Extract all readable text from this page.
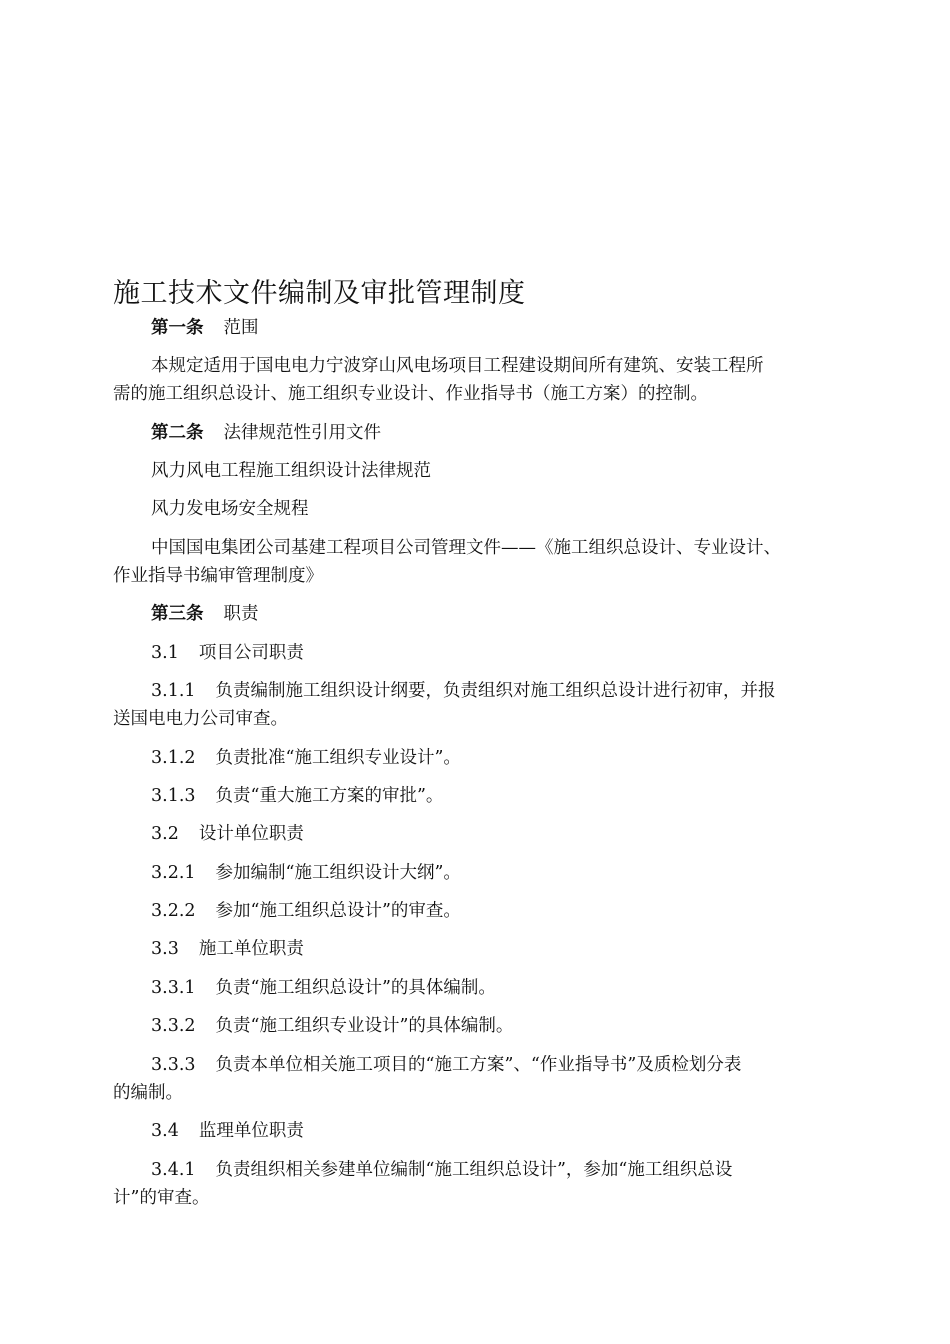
施工技术文件编制及审批管理制度
第一条 范围
本规定适用于国电电力宁波穿山风电场项目工程建设期间所有建筑、安装工程所
需的施工组织总设计、施工组织专业设计、作业指导书（施工方案）的控制。
第二条 法律规范性引用文件
风力风电工程施工组织设计法律规范
风力发电场安全规程
中国国电集团公司基建工程项目公司管理文件——《施工组织总设计、专业设计、
作业指导书编审管理制度》
第三条 职责
3.1 项目公司职责
3.1.1 负责编制施工组织设计纲要，负责组织对施工组织总设计进行初审，并报
送国电电力公司审查。
3.1.2 负责批准“施工组织专业设计”。
3.1.3 负责“重大施工方案的审批”。
3.2 设计单位职责
3.2.1 参加编制“施工组织设计大纲”。
3.2.2 参加“施工组织总设计”的审查。
3.3 施工单位职责
3.3.1 负责“施工组织总设计”的具体编制。
3.3.2 负责“施工组织专业设计”的具体编制。
3.3.3 负责本单位相关施工项目的“施工方案”、“作业指导书”及质检划分表
的编制。
3.4 监理单位职责
3.4.1 负责组织相关参建单位编制“施工组织总设计”，参加“施工组织总设
计”的审查。
